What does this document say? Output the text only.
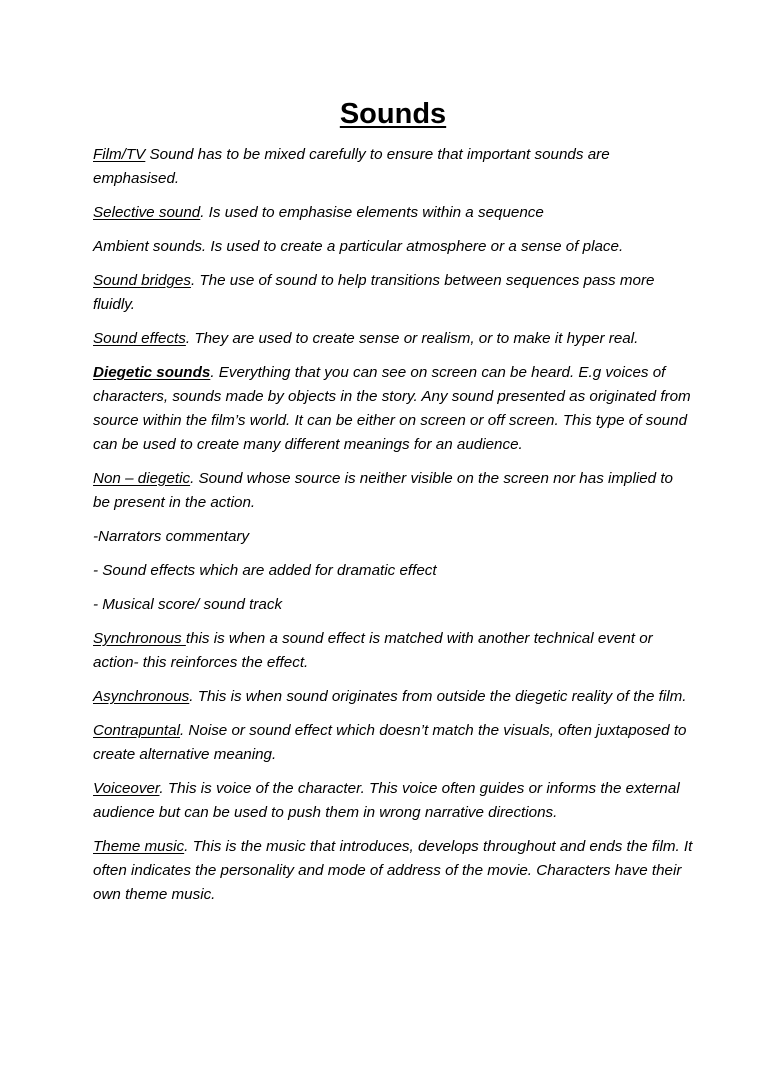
Sounds

Film/TV Sound has to be mixed carefully to ensure that important sounds are emphasised.

Selective sound. Is used to emphasise elements within a sequence

Ambient sounds. Is used to create a particular atmosphere or a sense of place.

Sound bridges. The use of sound to help transitions between sequences pass more fluidly.

Sound effects. They are used to create sense or realism, or to make it hyper real.

Diegetic sounds. Everything that you can see on screen can be heard. E.g voices of characters, sounds made by objects in the story. Any sound presented as originated from source within the film’s world. It can be either on screen or off screen. This type of sound can be used to create many different meanings for an audience.

Non – diegetic. Sound whose source is neither visible on the screen nor has implied to be present in the action.

-Narrators commentary

- Sound effects which are added for dramatic effect

- Musical score/ sound track

Synchronous this is when a sound effect is matched with another technical event or action- this reinforces the effect.

Asynchronous. This is when sound originates from outside the diegetic reality of the film.

Contrapuntal. Noise or sound effect which doesn’t match the visuals, often juxtaposed to create alternative meaning.

Voiceover. This is voice of the character. This voice often guides or informs the external audience but can be used to push them in wrong narrative directions.

Theme music. This is the music that introduces, develops throughout and ends the film. It often indicates the personality and mode of address of the movie. Characters have their own theme music.
